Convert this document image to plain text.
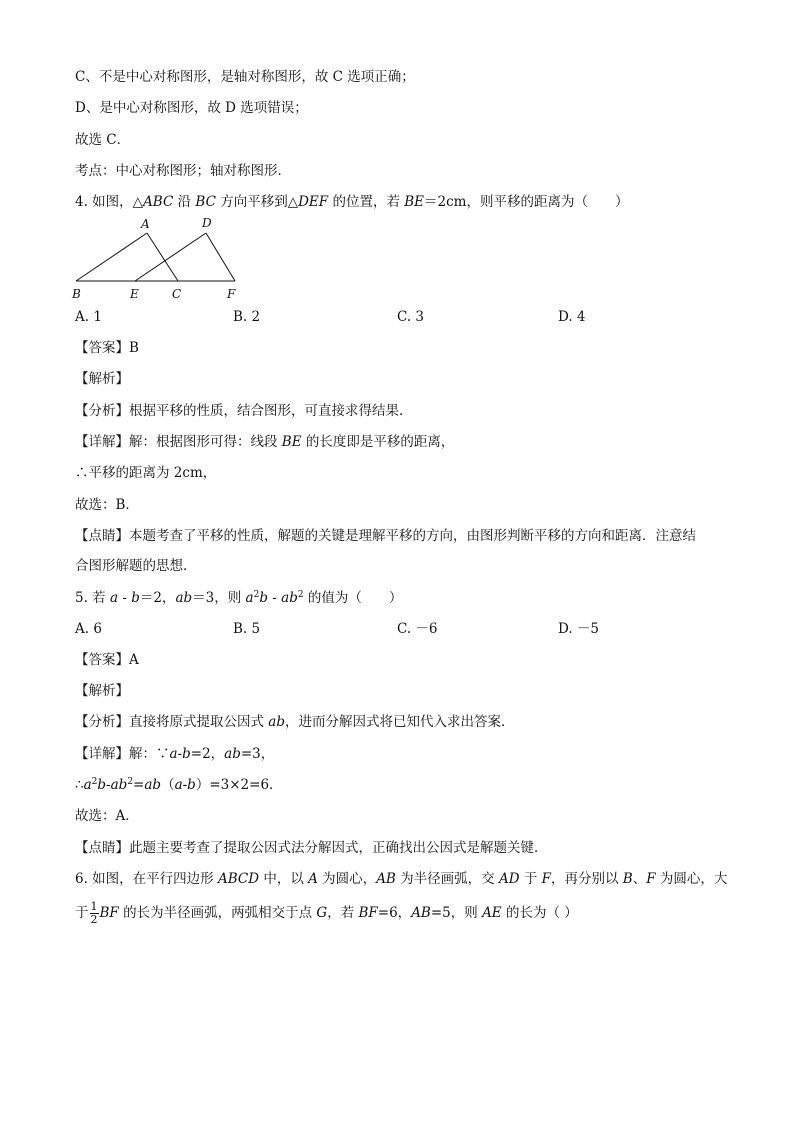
C、不是中心对称图形，是轴对称图形，故 C 选项正确；
D、是中心对称图形，故 D 选项错误；
故选 C．
考点：中心对称图形；轴对称图形．
4. 如图，△ABC 沿 BC 方向平移到△DEF 的位置，若 BE＝2cm，则平移的距离为（　　）
A	D
B	E	C	F
A. 1	B. 2	C. 3	D. 4
【答案】B
【解析】
【分析】根据平移的性质，结合图形，可直接求得结果．
【详解】解：根据图形可得：线段 BE 的长度即是平移的距离，
∴平移的距离为 2cm，
故选：B．
【点睛】本题考查了平移的性质，解题的关键是理解平移的方向，由图形判断平移的方向和距离．注意结
合图形解题的思想．
5. 若 a - b＝2，ab＝3，则 $a^2b - ab^2$ 的值为（　　）
A. 6	B. 5	C. －6	D. －5
【答案】A
【解析】
【分析】直接将原式提取公因式 ab，进而分解因式将已知代入求出答案．
【详解】解：∵a-b=2，ab=3，
$\therefore a^2b-ab^2=ab(a-b)=3\times 2=6$．
故选：A．
【点睛】此题主要考查了提取公因式法分解因式，正确找出公因式是解题关键．
6. 如图，在平行四边形 ABCD 中，以 A 为圆心，AB 为半径画弧，交 AD 于 F，再分别以 B、F 为圆心，大
于 $\frac{1}{2}$ BF 的长为半径画弧，两弧相交于点 G，若 BF=6，AB=5，则 AE 的长为（ ）
